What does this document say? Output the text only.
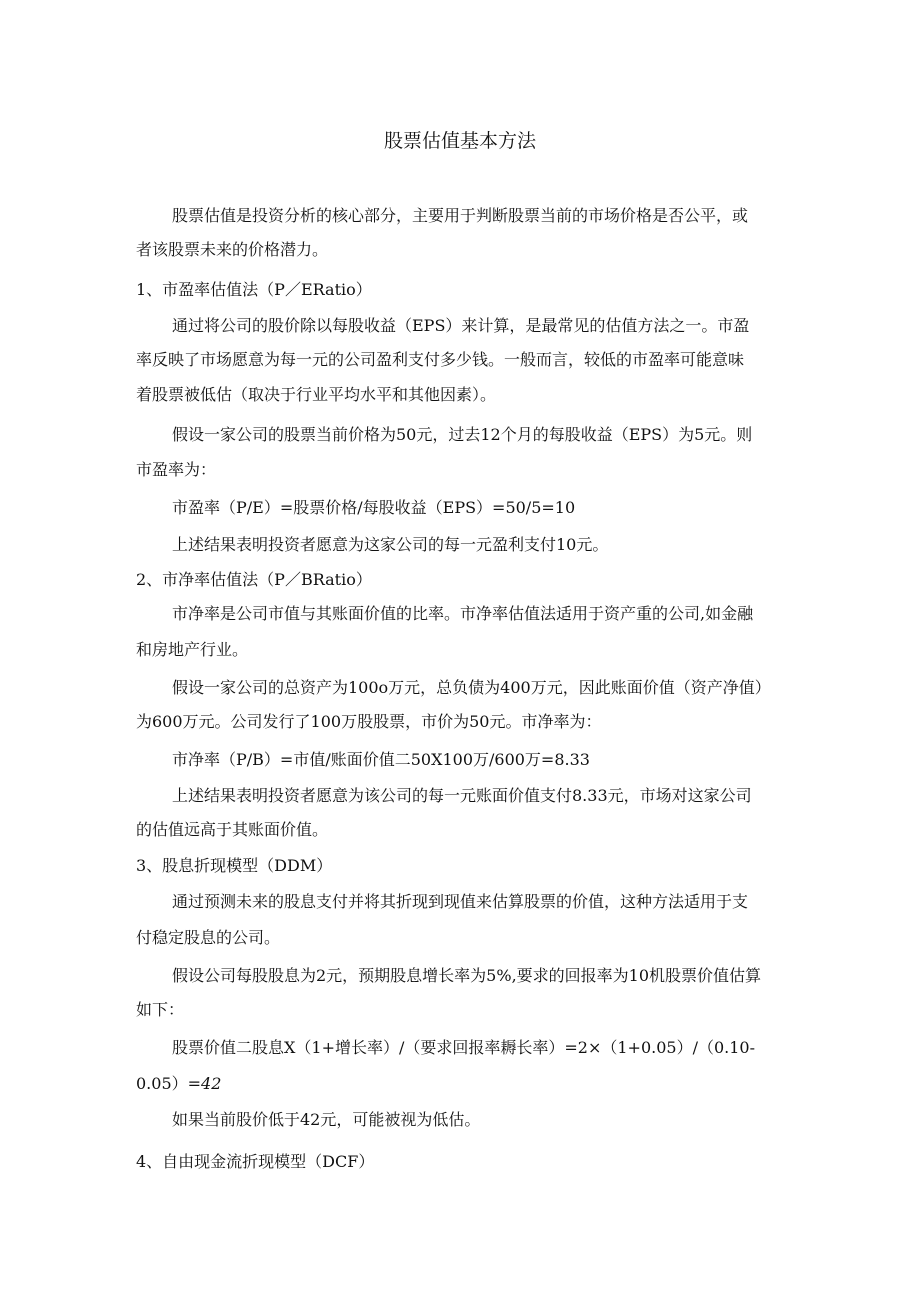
股票估值基本方法
股票估值是投资分析的核心部分，主要用于判断股票当前的市场价格是否公平，或
者该股票未来的价格潜力。
1、市盈率估值法（P／ERatio）
通过将公司的股价除以每股收益（EPS）来计算，是最常见的估值方法之一。市盈
率反映了市场愿意为每一元的公司盈利支付多少钱。一般而言，较低的市盈率可能意味
着股票被低估（取决于行业平均水平和其他因素）。
假设一家公司的股票当前价格为50元，过去12个月的每股收益（EPS）为5元。则
市盈率为：
市盈率（P/E）=股票价格/每股收益（EPS）=50/5=10
上述结果表明投资者愿意为这家公司的每一元盈利支付10元。
2、市净率估值法（P／BRatio）
市净率是公司市值与其账面价值的比率。市净率估值法适用于资产重的公司,如金融
和房地产行业。
假设一家公司的总资产为100o万元，总负债为400万元，因此账面价值（资产净值）
为600万元。公司发行了100万股股票，市价为50元。市净率为：
市净率（P/B）=市值/账面价值二50X100万/600万=8.33
上述结果表明投资者愿意为该公司的每一元账面价值支付8.33元，市场对这家公司
的估值远高于其账面价值。
3、股息折现模型（DDM）
通过预测未来的股息支付并将其折现到现值来估算股票的价值，这种方法适用于支
付稳定股息的公司。
假设公司每股股息为2元，预期股息增长率为5%,要求的回报率为10机股票价值估算
如下：
股票价值二股息X（1+增长率）/（要求回报率耨长率）=2×（1+0.05）/（0.10-
0.05）=42
如果当前股价低于42元，可能被视为低估。
4、自由现金流折现模型（DCF）
